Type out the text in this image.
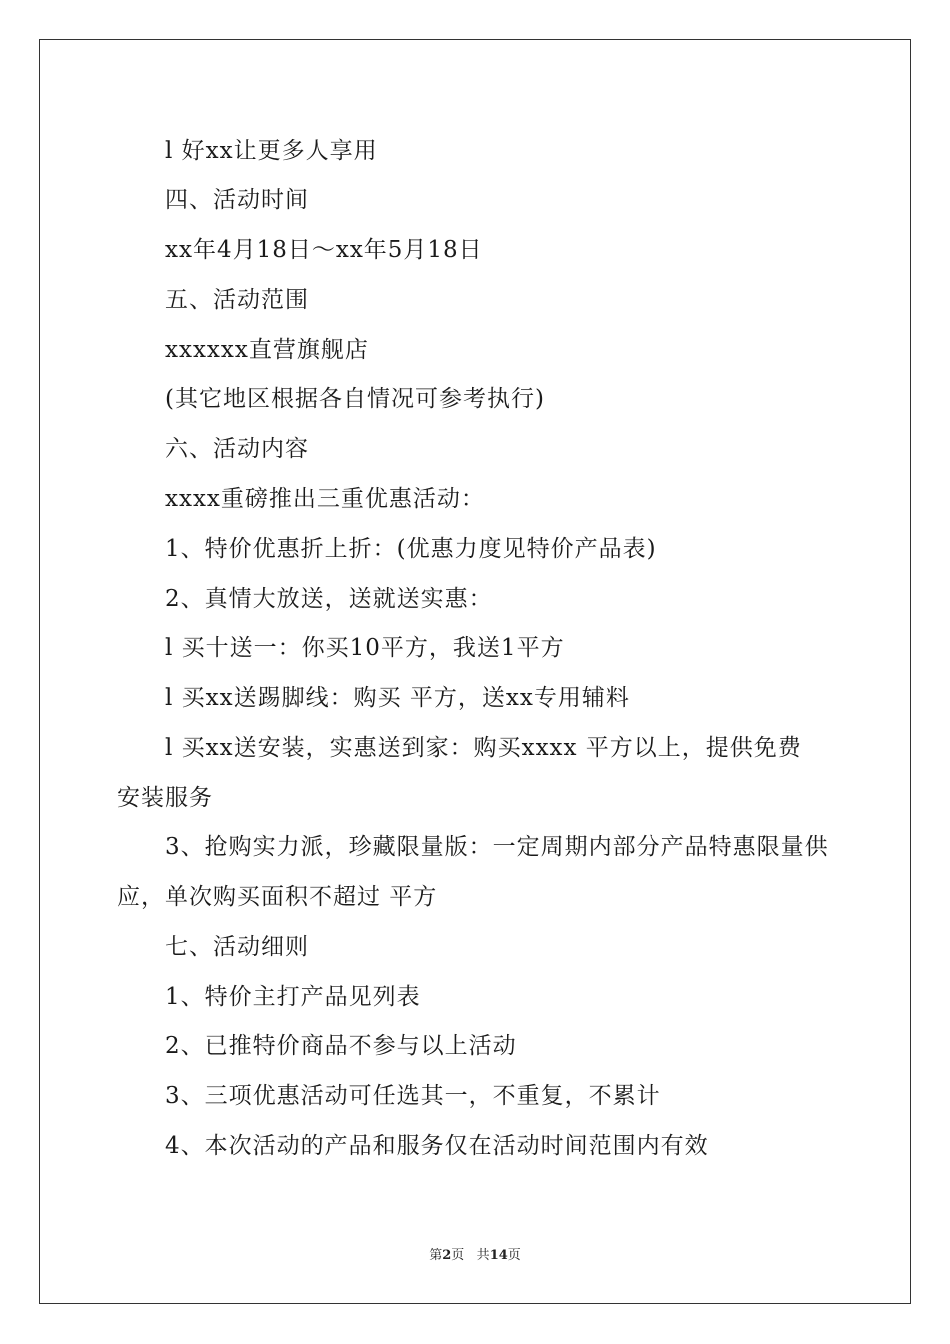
l 好xx让更多人享用
四、活动时间
xx年4月18日～xx年5月18日
五、活动范围
xxxxxx直营旗舰店
(其它地区根据各自情况可参考执行)
六、活动内容
xxxx重磅推出三重优惠活动：
1、特价优惠折上折：(优惠力度见特价产品表)
2、真情大放送，送就送实惠：
l 买十送一：你买10平方，我送1平方
l 买xx送踢脚线：购买 平方，送xx专用辅料
l 买xx送安装，实惠送到家：购买xxxx 平方以上，提供免费
安装服务
3、抢购实力派，珍藏限量版：一定周期内部分产品特惠限量供
应，单次购买面积不超过 平方
七、活动细则
1、特价主打产品见列表
2、已推特价商品不参与以上活动
3、三项优惠活动可任选其一，不重复，不累计
4、本次活动的产品和服务仅在活动时间范围内有效
第2页 共14页
